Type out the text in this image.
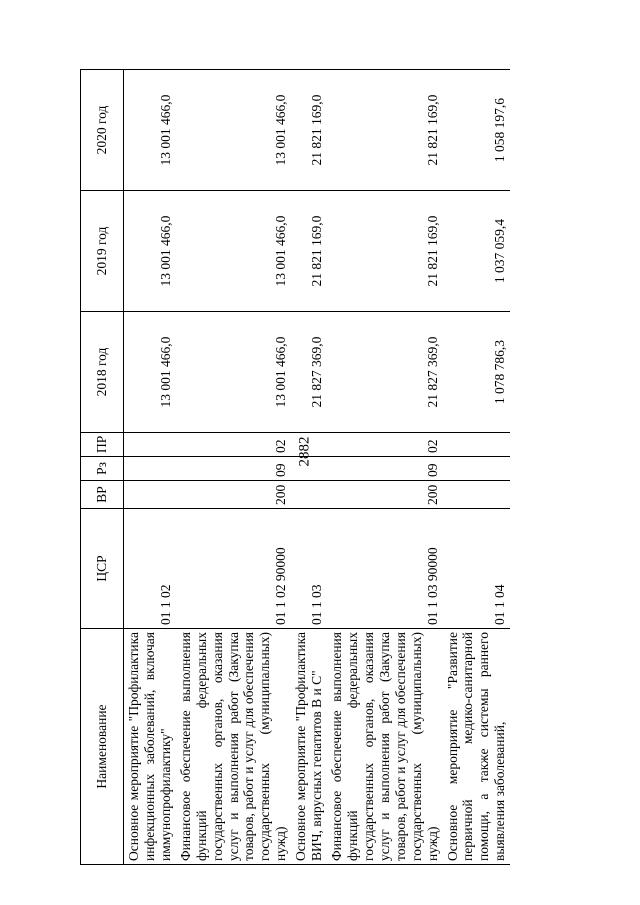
2882
Наименование	ЦСР	ВР	Рз	ПР	2018 год	2019 год	2020 год
Основное мероприятие "Профилактика инфекционных заболеваний, включая иммунопрофилактику"	01 1 02				13 001 466,0	13 001 466,0	13 001 466,0
Финансовое обеспечение выполнения функций федеральных государственных органов, оказания услуг и выполнения работ (Закупка товаров, работ и услуг для обеспечения государственных (муниципальных) нужд)	01 1 02 90000	200	09	02	13 001 466,0	13 001 466,0	13 001 466,0
Основное мероприятие "Профилактика ВИЧ, вирусных гепатитов В и С"	01 1 03				21 827 369,0	21 821 169,0	21 821 169,0
Финансовое обеспечение выполнения функций федеральных государственных органов, оказания услуг и выполнения работ (Закупка товаров, работ и услуг для обеспечения государственных (муниципальных) нужд)	01 1 03 90000	200	09	02	21 827 369,0	21 821 169,0	21 821 169,0
Основное мероприятие "Развитие первичной медико-санитарной помощи, а также системы раннего выявления заболеваний,	01 1 04				1 078 786,3	1 037 059,4	1 058 197,6
